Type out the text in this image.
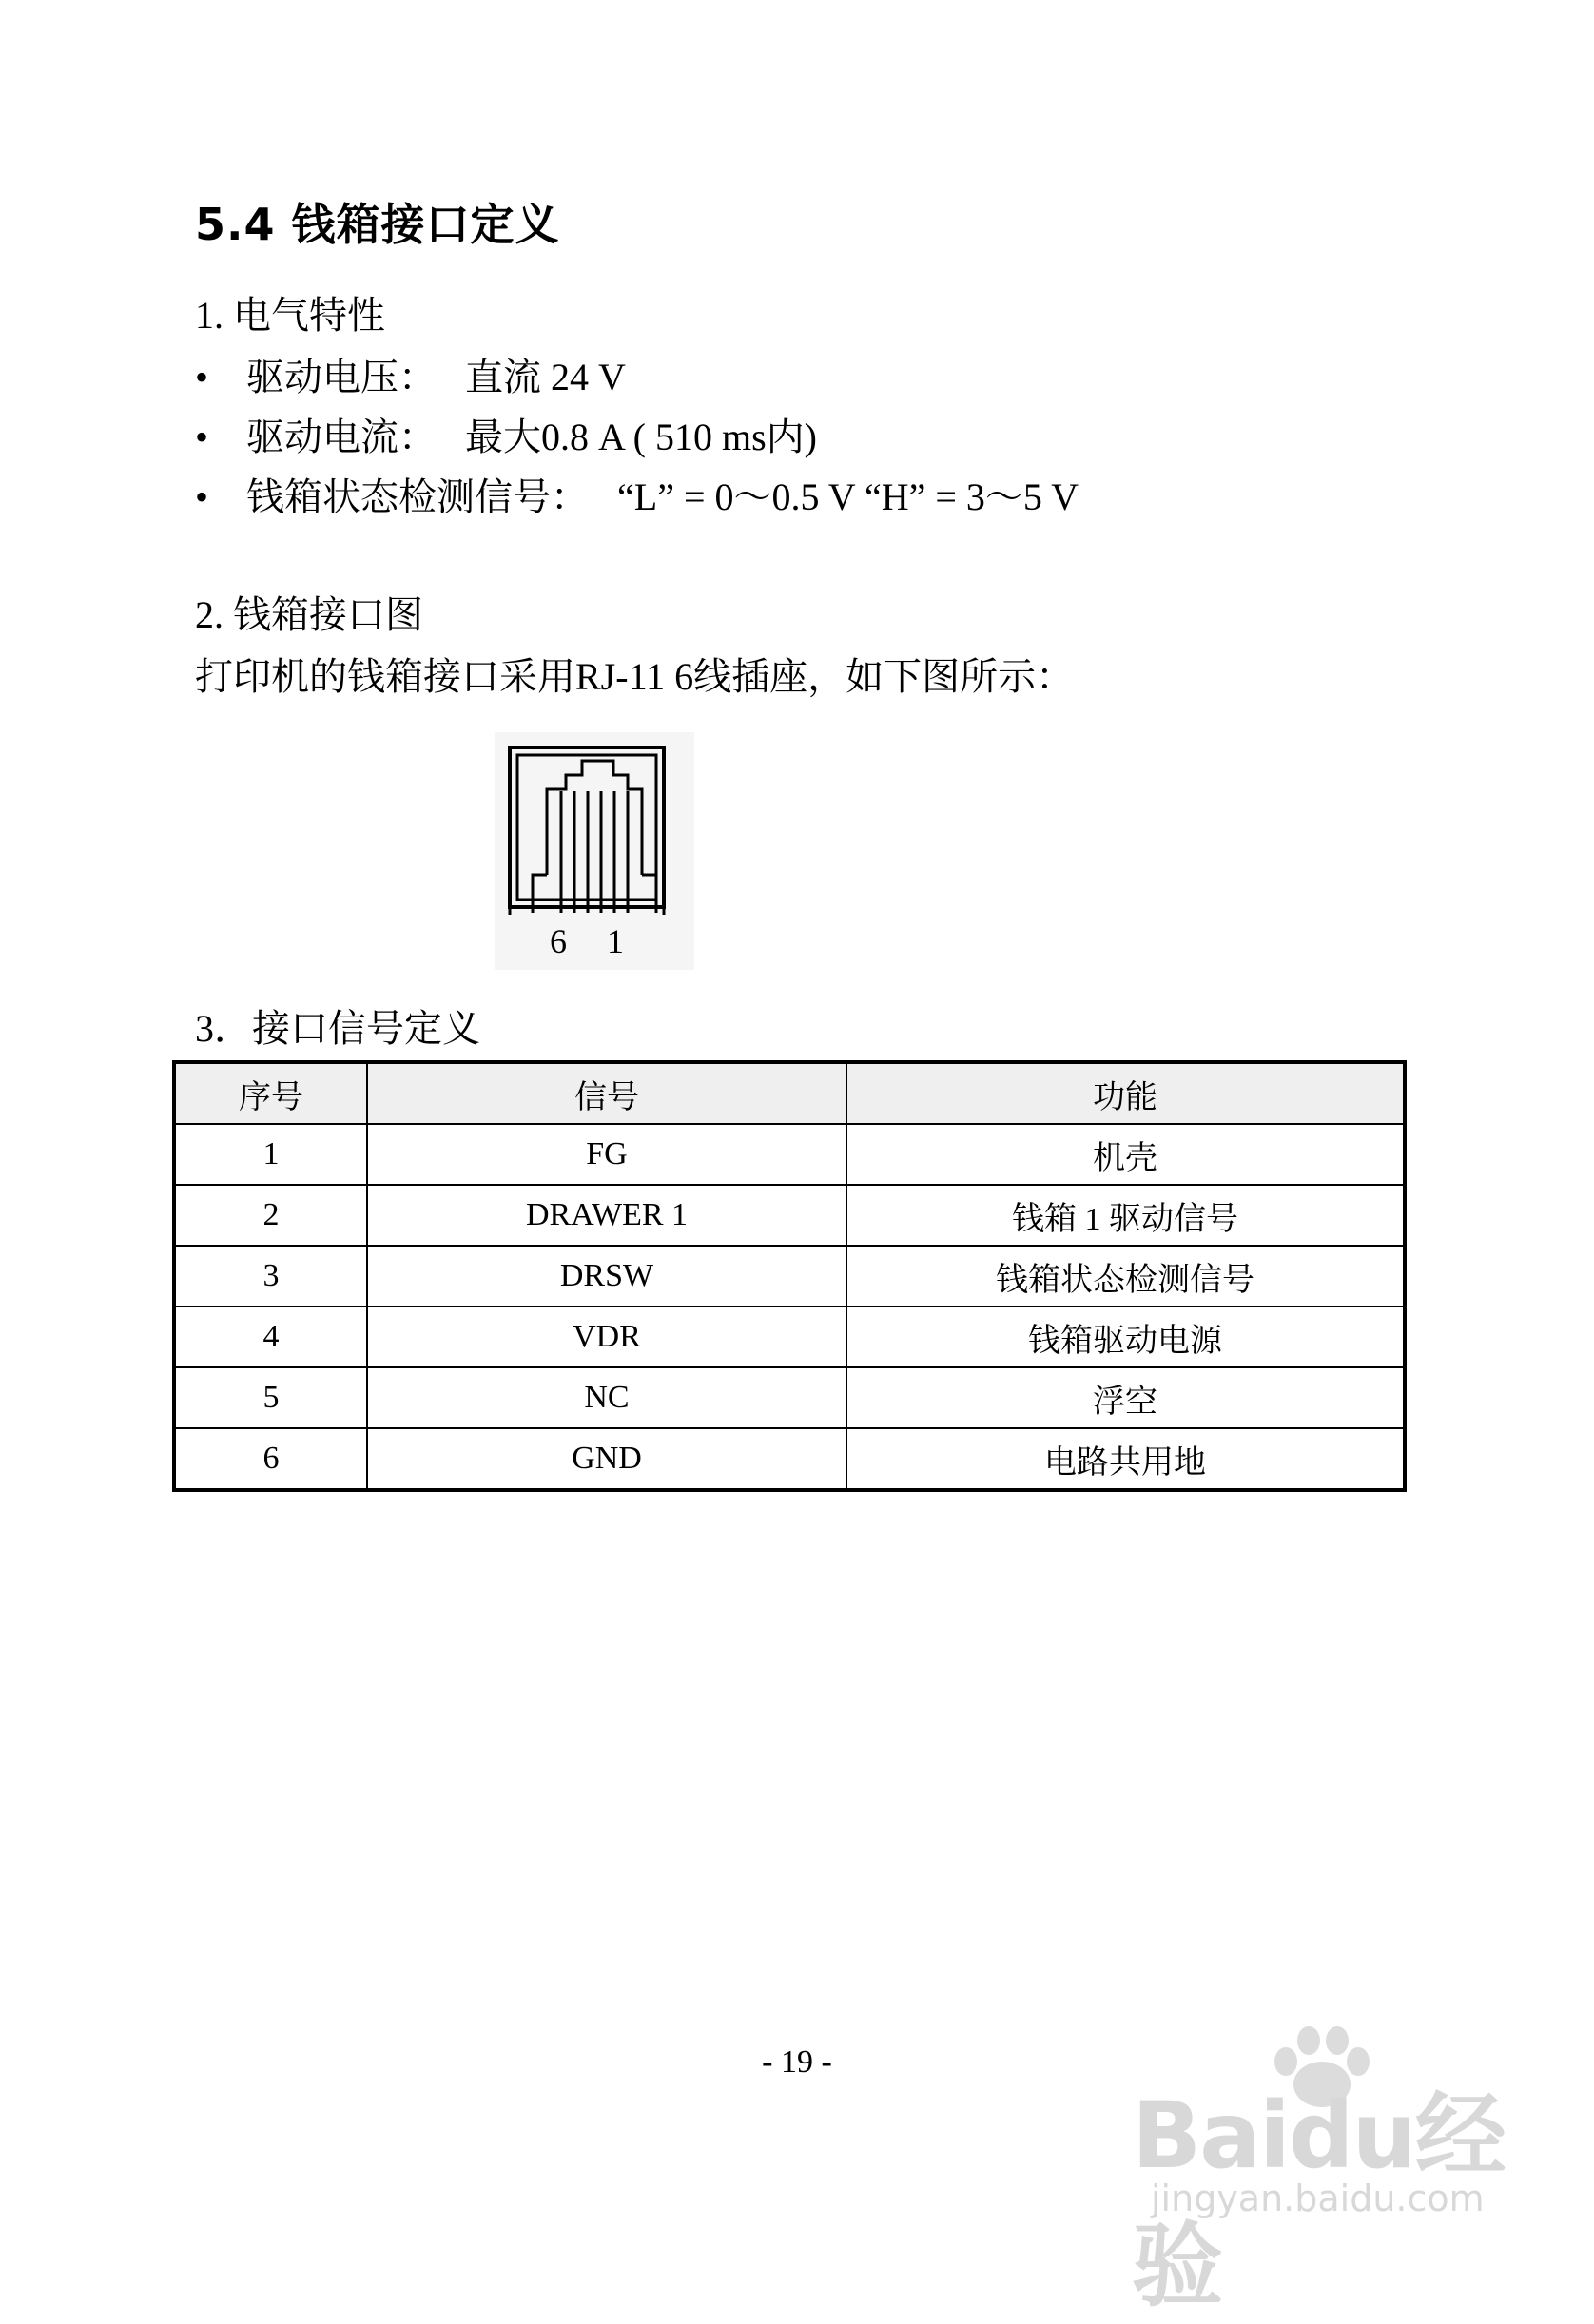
5.4 钱箱接口定义
1. 电气特性
• 驱动电压： 直流 24 V
• 驱动电流： 最大0.8 A ( 510 ms内)
• 钱箱状态检测信号： “L” = 0～0.5 V “H” = 3～5 V
2. 钱箱接口图
打印机的钱箱接口采用RJ-11 6线插座，如下图所示：
6 1
3．接口信号定义
序号	信号	功能
1	FG	机壳
2	DRAWER 1	钱箱 1 驱动信号
3	DRSW	钱箱状态检测信号
4	VDR	钱箱驱动电源
5	NC	浮空
6	GND	电路共用地
- 19 -
Baidu经验
jingyan.baidu.com
